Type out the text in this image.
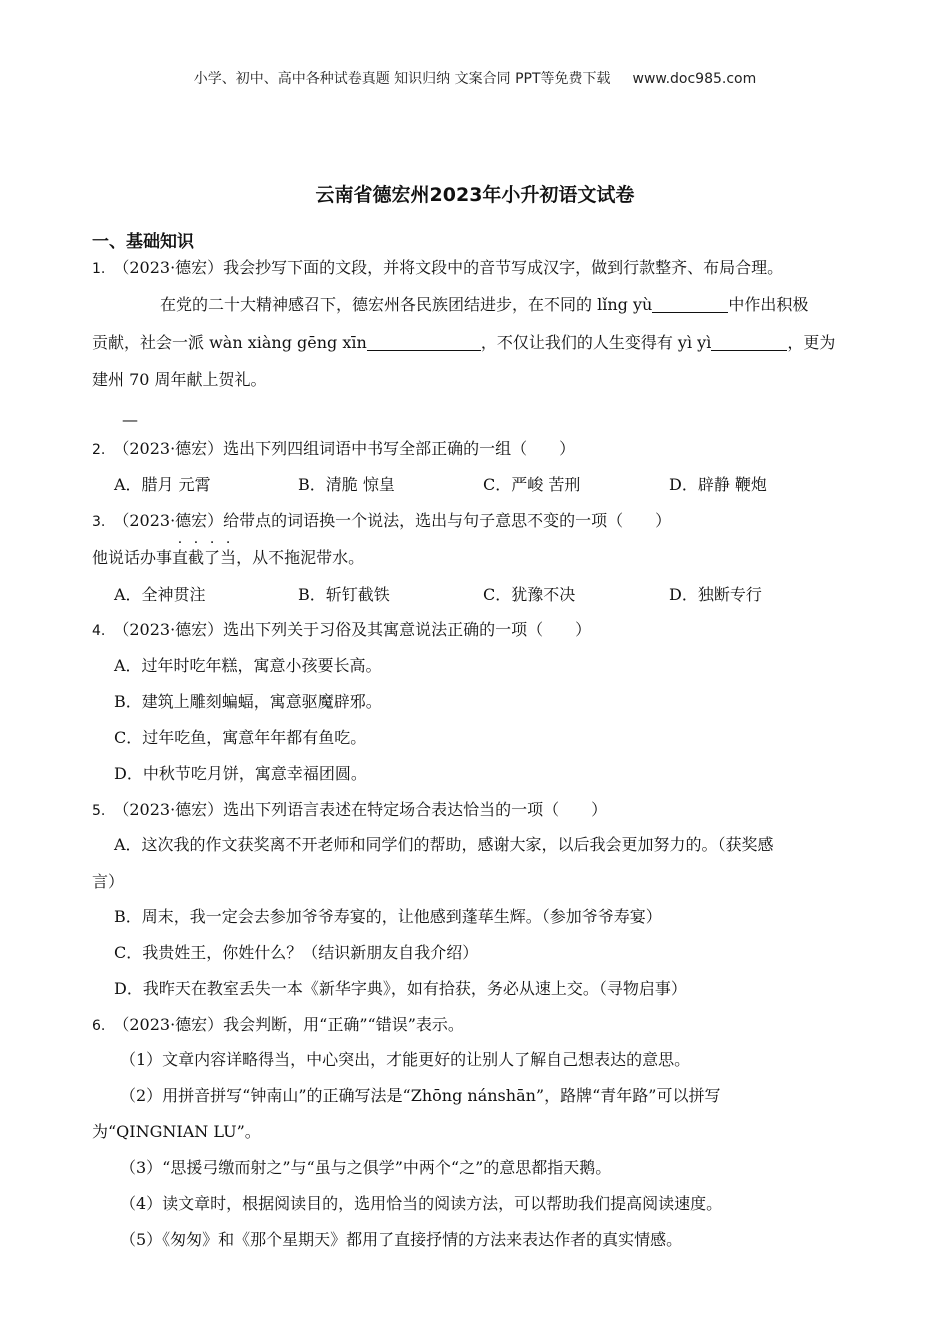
小学、初中、高中各种试卷真题 知识归纳 文案合同 PPT等免费下载 www.doc985.com
云南省德宏州2023年小升初语文试卷
一、基础知识
1. （2023·德宏）我会抄写下面的文段，并将文段中的音节写成汉字，做到行款整齐、布局合理。
在党的二十大精神感召下，德宏州各民族团结进步，在不同的 lǐng yù	中作出积极
贡献，社会一派 wàn xiàng gēng xīn	，不仅让我们的人生变得有 yì yì	，更为
建州 70 周年献上贺礼。
—
2. （2023·德宏）选出下列四组词语中书写全部正确的一组（　　）
A．腊月 元霄	B．清脆 惊皇	C．严峻 苦刑	D．辟静 鞭炮
3. （2023·德宏）给带点的词语换一个说法，选出与句子意思不变的一项（　　）
他说话办事直截了当，从不拖泥带水。
A．全神贯注	B．斩钉截铁	C．犹豫不决	D．独断专行
4. （2023·德宏）选出下列关于习俗及其寓意说法正确的一项（　　）
A．过年时吃年糕，寓意小孩要长高。
B．建筑上雕刻蝙蝠，寓意驱魔辟邪。
C．过年吃鱼，寓意年年都有鱼吃。
D．中秋节吃月饼，寓意幸福团圆。
5. （2023·德宏）选出下列语言表述在特定场合表达恰当的一项（　　）
A．这次我的作文获奖离不开老师和同学们的帮助，感谢大家，以后我会更加努力的。（获奖感
言）
B．周末，我一定会去参加爷爷寿宴的，让他感到蓬荜生辉。（参加爷爷寿宴）
C．我贵姓王，你姓什么？（结识新朋友自我介绍）
D．我昨天在教室丢失一本《新华字典》，如有拾获，务必从速上交。（寻物启事）
6. （2023·德宏）我会判断，用“正确”“错误”表示。
（1）文章内容详略得当，中心突出，才能更好的让别人了解自己想表达的意思。
（2）用拼音拼写“钟南山”的正确写法是“Zhōng nánshān”，路牌“青年路”可以拼写
为“QINGNIAN LU”。
（3）“思援弓缴而射之”与“虽与之俱学”中两个“之”的意思都指天鹅。
（4）读文章时，根据阅读目的，选用恰当的阅读方法，可以帮助我们提高阅读速度。
（5）《匆匆》和《那个星期天》都用了直接抒情的方法来表达作者的真实情感。
